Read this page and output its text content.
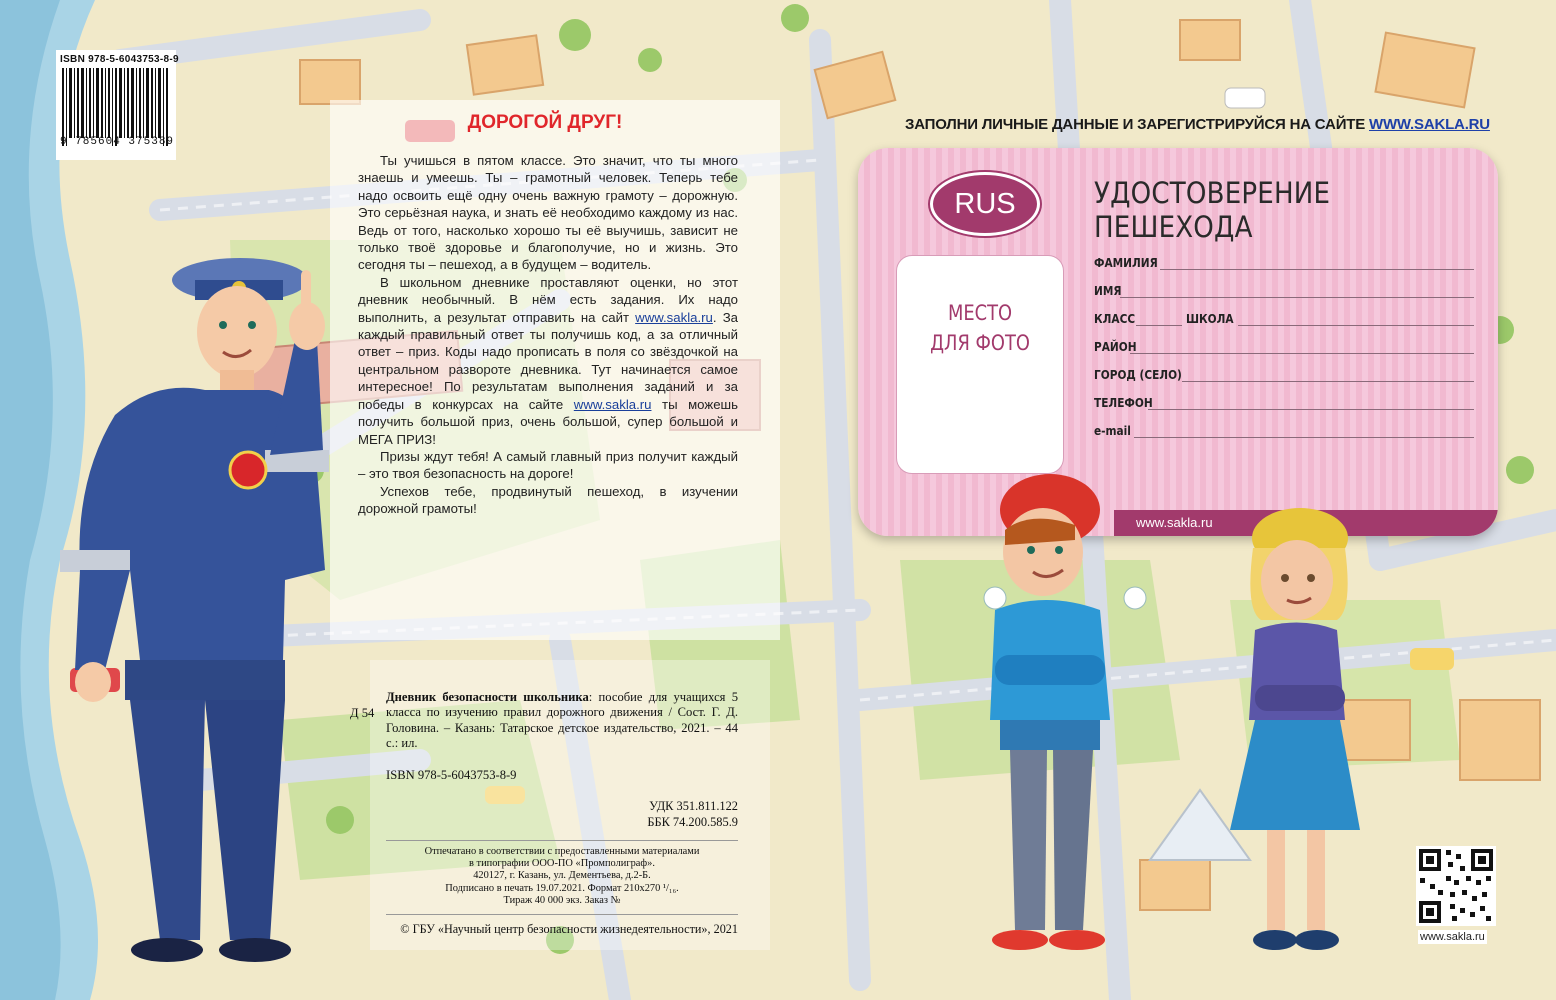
ISBN 978-5-6043753-8-9
9 785604 375389
ДОРОГОЙ ДРУГ!

Ты учишься в пятом классе. Это значит, что ты много знаешь и умеешь. Ты – грамотный человек. Теперь тебе надо освоить ещё одну очень важную грамоту – дорожную. Это серьёзная наука, и знать её необходимо каждому из нас. Ведь от того, насколько хорошо ты её выучишь, зависит не только твоё здоровье и благополучие, но и жизнь. Это сегодня ты – пешеход, а в будущем – водитель.

В школьном дневнике проставляют оценки, но этот дневник необычный. В нём есть задания. Их надо выполнить, а результат отправить на сайт www.sakla.ru. За каждый правильный ответ ты получишь код, а за отличный ответ – приз. Коды надо прописать в поля со звёздочкой на центральном развороте дневника. Тут начинается самое интересное! По результатам выполнения заданий и за победы в конкурсах на сайте www.sakla.ru ты можешь получить большой приз, очень большой, супер большой и МЕГА ПРИЗ!

Призы ждут тебя! А самый главный приз получит каждый – это твоя безопасность на дороге!

Успехов тебе, продвинутый пешеход, в изучении дорожной грамоты!

Д 54
Дневник безопасности школьника: пособие для учащихся 5 класса по изучению правил дорожного движения / Сост. Г. Д. Головина. – Казань: Татарское детское издательство, 2021. – 44 с.: ил.
ISBN 978-5-6043753-8-9
УДК 351.811.122
ББК 74.200.585.9
Отпечатано в соответствии с предоставленными материалами
в типографии ООО-ПО «Промполиграф».
420127, г. Казань, ул. Дементьева, д.2-Б.
Подписано в печать 19.07.2021. Формат 210х270 ¹/₁₆.
Тираж 40 000 экз. Заказ №
© ГБУ «Научный центр безопасности жизнедеятельности», 2021
ЗАПОЛНИ ЛИЧНЫЕ ДАННЫЕ И ЗАРЕГИСТРИРУЙСЯ НА САЙТЕ WWW.SAKLA.RU
RUS	УДОСТОВЕРЕНИЕ ПЕШЕХОДА
МЕСТО
ДЛЯ ФОТО
ФАМИЛИЯ
ИМЯ
КЛАСС	ШКОЛА
РАЙОН
ГОРОД (СЕЛО)
ТЕЛЕФОН
e-mail
www.sakla.ru
www.sakla.ru
